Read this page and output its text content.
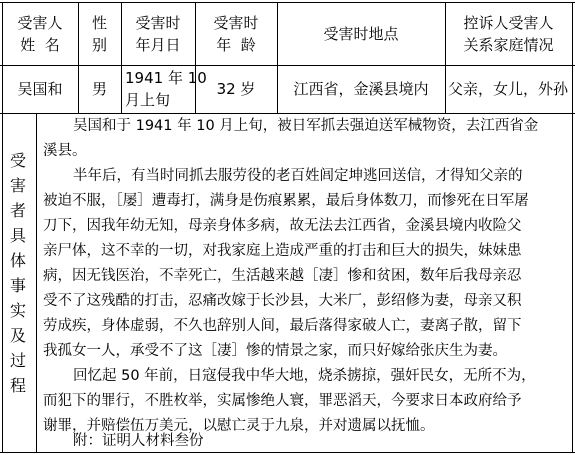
受害人
姓  名
性
别
受害时
年月日
受害时
年  龄
受害时地点
控诉人受害人
关系家庭情况
吴国和 男
1941 年 10
月上旬
32 岁	江西省，金溪县境内 父亲，女儿，外孙
受
害
者
具
体
事
实
及
过
程
吴国和于 1941 年 10 月上旬，被日军抓去强迫送军械物资，去江西省金
溪县。
半年后，有当时同抓去服劳役的老百姓闾定坤逃回送信，才得知父亲的
被迫不服，［屡］遭毒打，满身是伤痕累累，最后身体数刀，而惨死在日军屠
刀下，因我年幼无知，母亲身体多病，故无法去江西省，金溪县境内收险父
亲尸体，这不幸的一切，对我家庭上造成严重的打击和巨大的损失，妹妹患
病，因无钱医治，不幸死亡，生活越来越［凄］惨和贫困，数年后我母亲忍
受不了这残酷的打击，忍痛改嫁于长沙县，大米厂，彭绍修为妻，母亲又积
劳成疾，身体虚弱，不久也辞别人间，最后落得家破人亡，妻离子散，留下
我孤女一人，承受不了这［凄］惨的情景之家，而只好嫁给张庆生为妻。
回忆起 50 年前，日寇侵我中华大地，烧杀掳掠，强奸民女，无所不为，
而犯下的罪行，不胜枚举，实属惨绝人寰，罪恶滔天，今要求日本政府给予
谢罪，并赔偿伍万美元，以慰亡灵于九泉，并对遗属以抚恤。
附：证明人材料叁份
